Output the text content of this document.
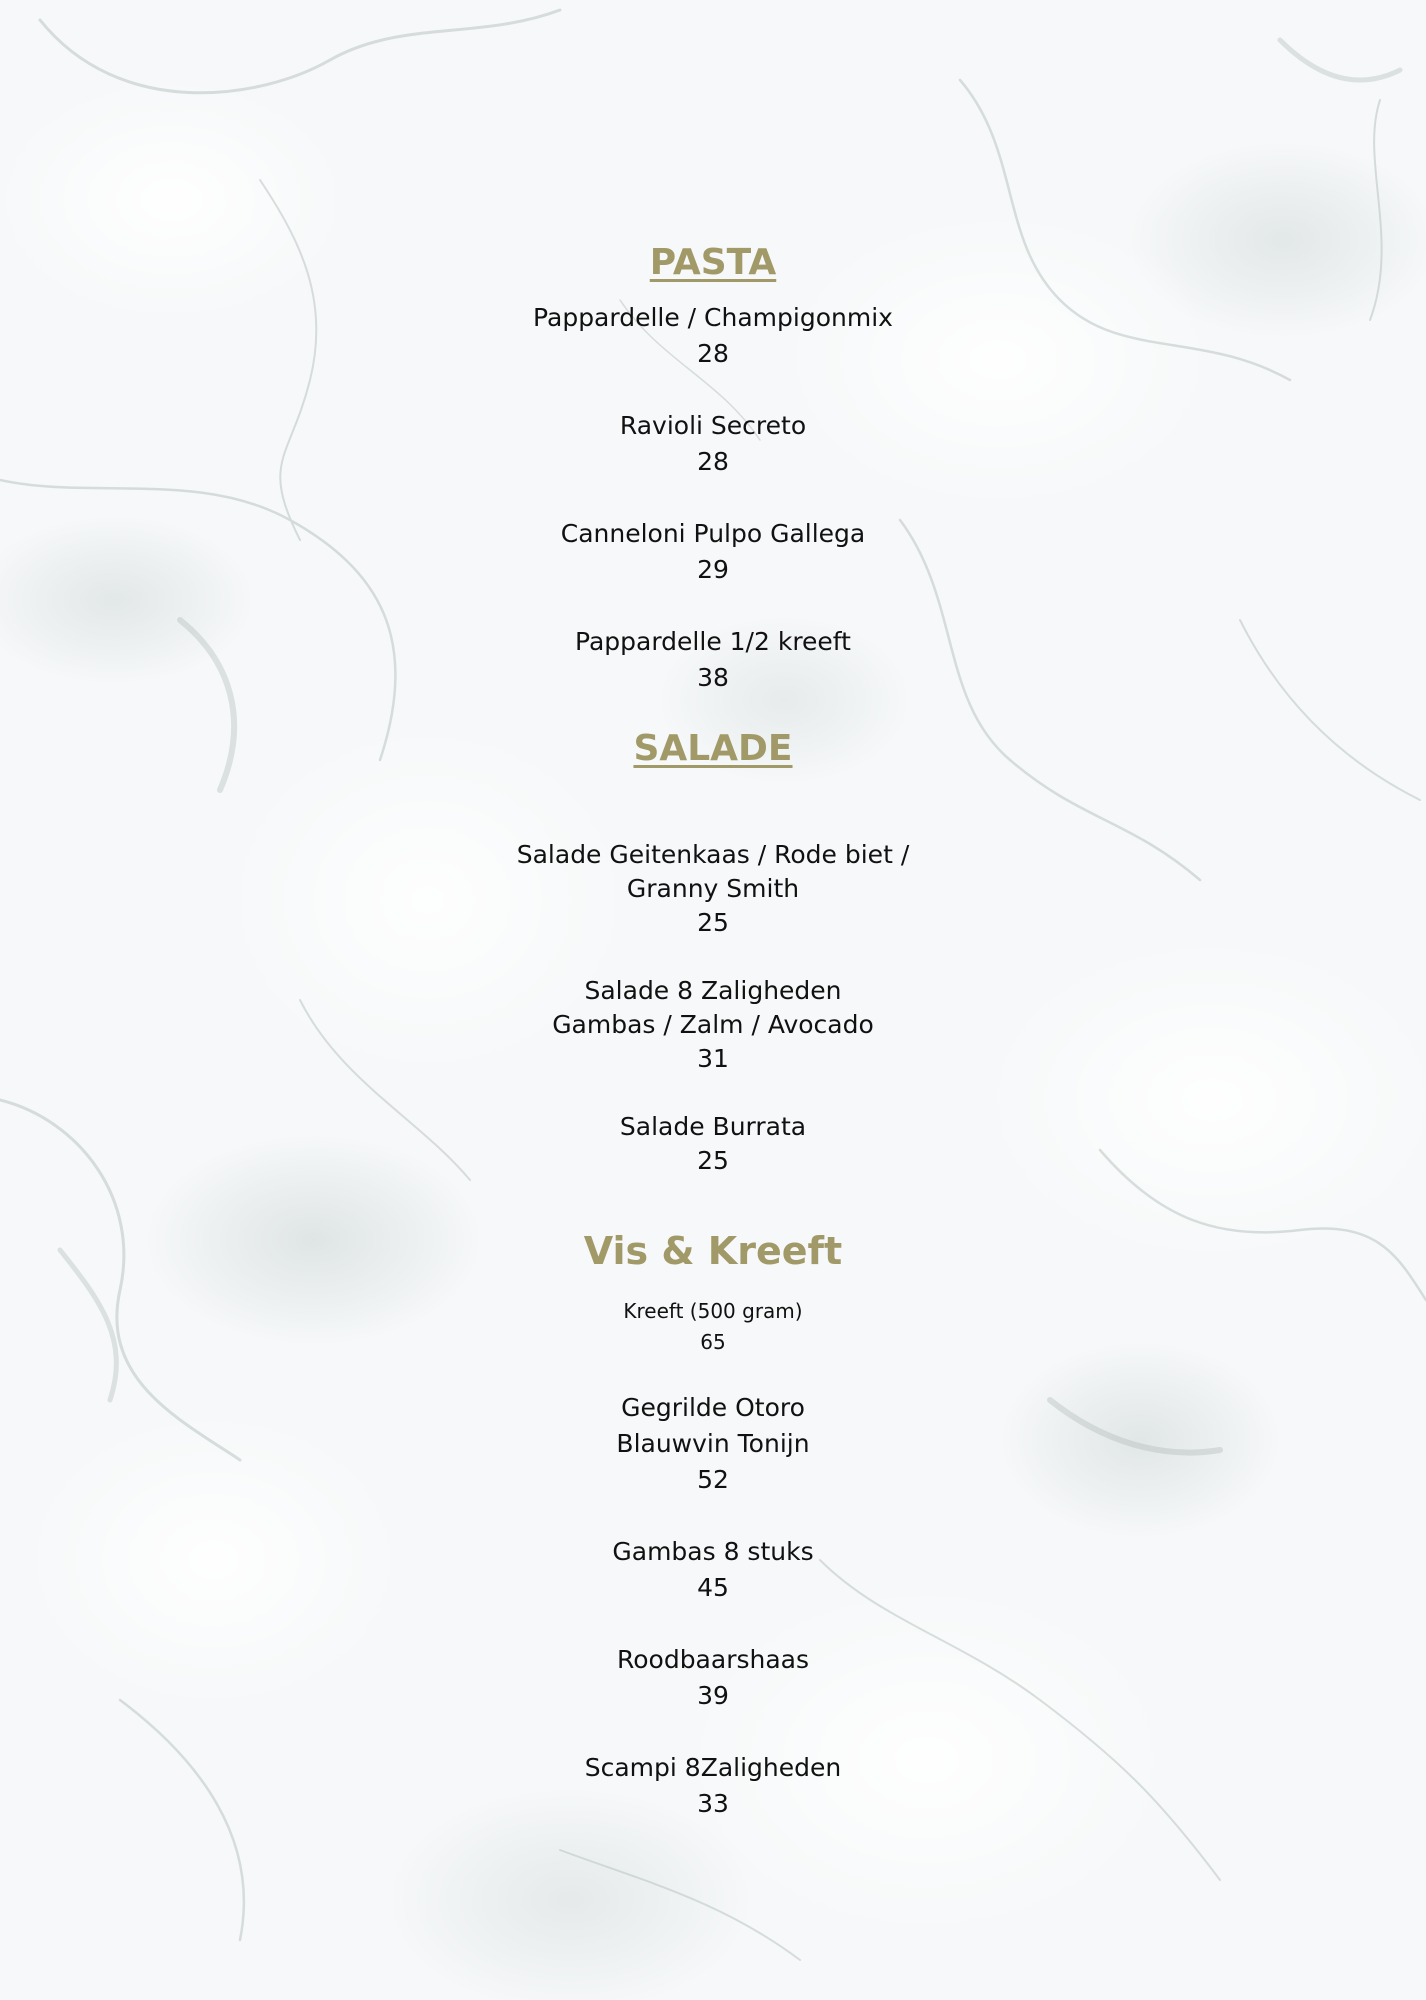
PASTA
Pappardelle / Champigonmix
28
Ravioli Secreto
28
Canneloni Pulpo Gallega
29
Pappardelle 1/2 kreeft
38
SALADE
Salade Geitenkaas / Rode biet /
Granny Smith
25
Salade 8 Zaligheden
Gambas / Zalm / Avocado
31
Salade Burrata
25
Vis & Kreeft
Kreeft (500 gram)
65
Gegrilde Otoro
Blauwvin Tonijn
52
Gambas 8 stuks
45
Roodbaarshaas
39
Scampi 8Zaligheden
33
